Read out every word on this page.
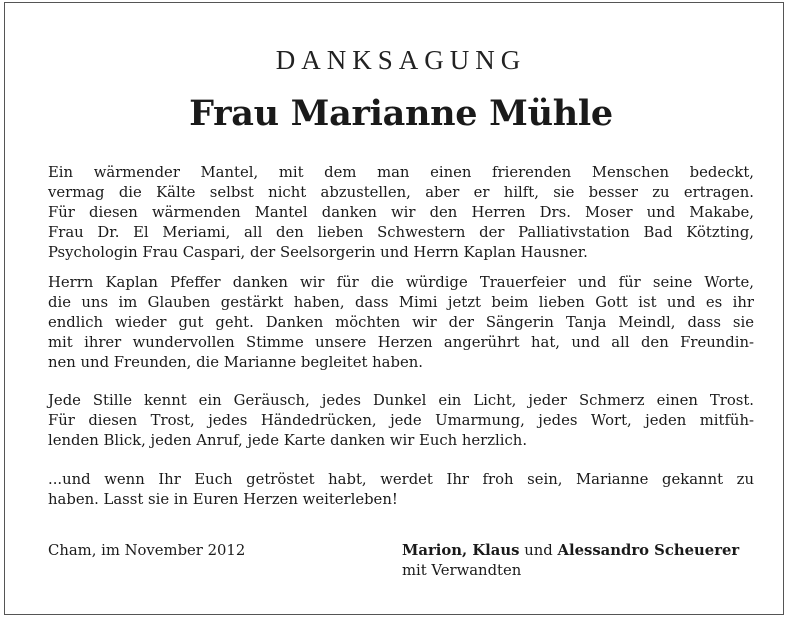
DANKSAGUNG
Frau Marianne Mühle
Ein wärmender Mantel, mit dem man einen frierenden Menschen bedeckt,
vermag die Kälte selbst nicht abzustellen, aber er hilft, sie besser zu ertragen.
Für diesen wärmenden Mantel danken wir den Herren Drs. Moser und Makabe,
Frau Dr. El Meriami, all den lieben Schwestern der Palliativstation Bad Kötzting,
Psychologin Frau Caspari, der Seelsorgerin und Herrn Kaplan Hausner.
Herrn Kaplan Pfeffer danken wir für die würdige Trauerfeier und für seine Worte,
die uns im Glauben gestärkt haben, dass Mimi jetzt beim lieben Gott ist und es ihr
endlich wieder gut geht. Danken möchten wir der Sängerin Tanja Meindl, dass sie
mit ihrer wundervollen Stimme unsere Herzen angerührt hat, und all den Freundin-
nen und Freunden, die Marianne begleitet haben.
Jede Stille kennt ein Geräusch, jedes Dunkel ein Licht, jeder Schmerz einen Trost.
Für diesen Trost, jedes Händedrücken, jede Umarmung, jedes Wort, jeden mitfüh-
lenden Blick, jeden Anruf, jede Karte danken wir Euch herzlich.
...und wenn Ihr Euch getröstet habt, werdet Ihr froh sein, Marianne gekannt zu
haben. Lasst sie in Euren Herzen weiterleben!
Cham, im November 2012	Marion, Klaus und Alessandro Scheuerer
mit Verwandten
